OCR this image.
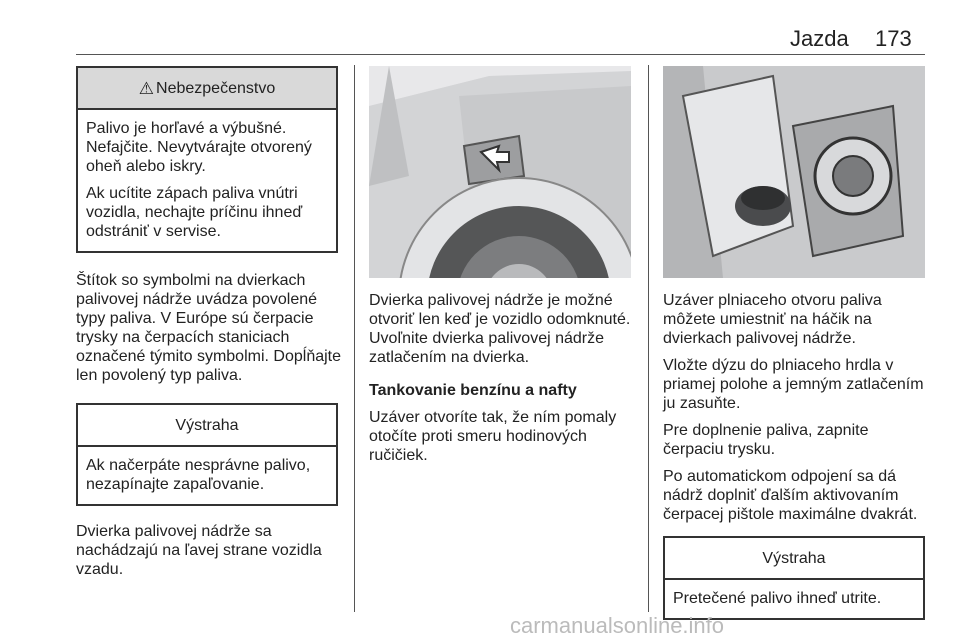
Jazda 173
⚠ Nebezpečenstvo

Palivo je horľavé a výbušné. Nefajčite. Nevytvárajte otvorený oheň alebo iskry.

Ak ucítite zápach paliva vnútri vozidla, nechajte príčinu ihneď odstrániť v servise.

Štítok so symbolmi na dvierkach palivovej nádrže uvádza povolené typy paliva. V Európe sú čerpacie trysky na čerpacích staniciach označené týmito symbolmi. Dopĺňajte len povolený typ paliva.

Výstraha

Ak načerpáte nesprávne palivo, nezapínajte zapaľovanie.

Dvierka palivovej nádrže sa nachádzajú na ľavej strane vozidla vzadu.

Dvierka palivovej nádrže je možné otvoriť len keď je vozidlo odomknuté. Uvoľnite dvierka palivovej nádrže zatlačením na dvierka.

Tankovanie benzínu a nafty

Uzáver otvoríte tak, že ním pomaly otočíte proti smeru hodinových ručičiek.

Uzáver plniaceho otvoru paliva môžete umiestniť na háčik na dvierkach palivovej nádrže.

Vložte dýzu do plniaceho hrdla v priamej polohe a jemným zatlačením ju zasuňte.

Pre doplnenie paliva, zapnite čerpaciu trysku.

Po automatickom odpojení sa dá nádrž doplniť ďalším aktivovaním čerpacej pištole maximálne dvakrát.

Výstraha

Pretečené palivo ihneď utrite.

carmanualsonline.info
